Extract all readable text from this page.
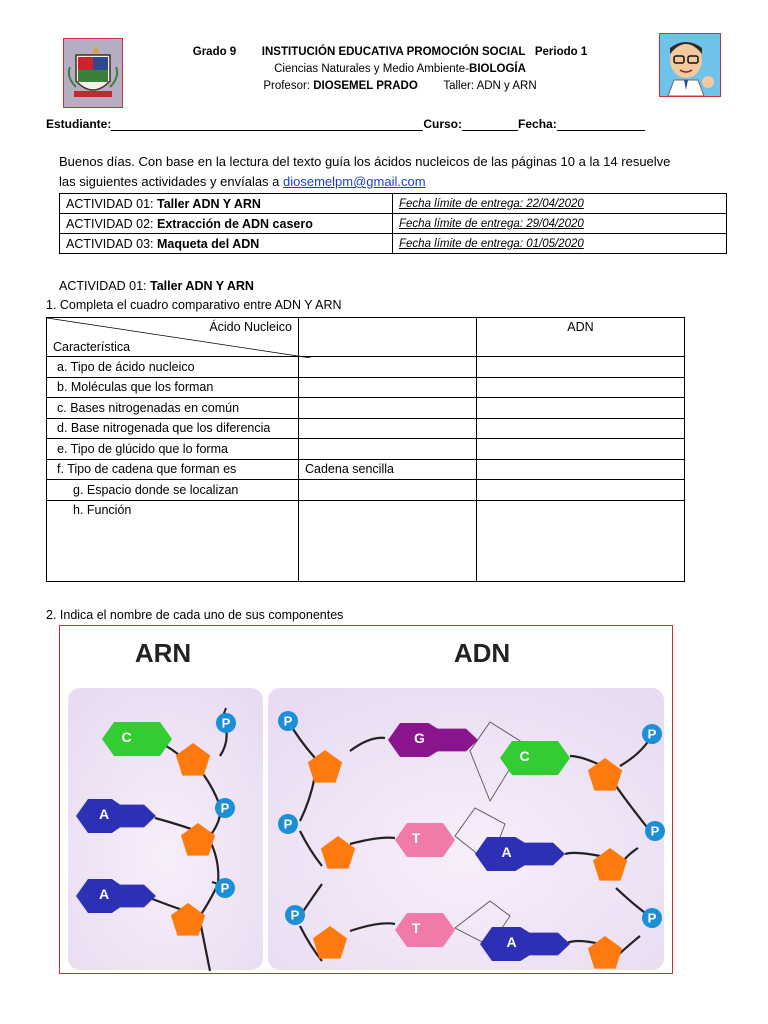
Grado 9 INSTITUCIÓN EDUCATIVA PROMOCIÓN SOCIAL Periodo 1
Ciencias Naturales y Medio Ambiente-BIOLOGÍA
Profesor: DIOSEMEL PRADO Taller: ADN y ARN
Estudiante:	Curso:	Fecha:
Buenos días. Con base en la lectura del texto guía los ácidos nucleicos de las páginas 10 a la 14 resuelve
las siguientes actividades y envíalas a diosemelpm@gmail.com
ACTIVIDAD 01: Taller ADN Y ARN	Fecha límite de entrega: 22/04/2020
ACTIVIDAD 02: Extracción de ADN casero	Fecha límite de entrega: 29/04/2020
ACTIVIDAD 03: Maqueta del ADN	Fecha límite de entrega: 01/05/2020
ACTIVIDAD 01: Taller ADN Y ARN
1. Completa el cuadro comparativo entre ADN Y ARN
Ácido Nucleico
Característica		ADN
a. Tipo de ácido nucleico		
b. Moléculas que los forman		
c. Bases nitrogenadas en común		
d. Base nitrogenada que los diferencia		
e. Tipo de glúcido que lo forma		
f. Tipo de cadena que forman es	Cadena sencilla	
g. Espacio donde se localizan		
h. Función		
2. Indica el nombre de cada uno de sus componentes
ARN	ADN
P
C
P
A
P
A
P
G
P
T
P
T
P
C
P
A
P
A
